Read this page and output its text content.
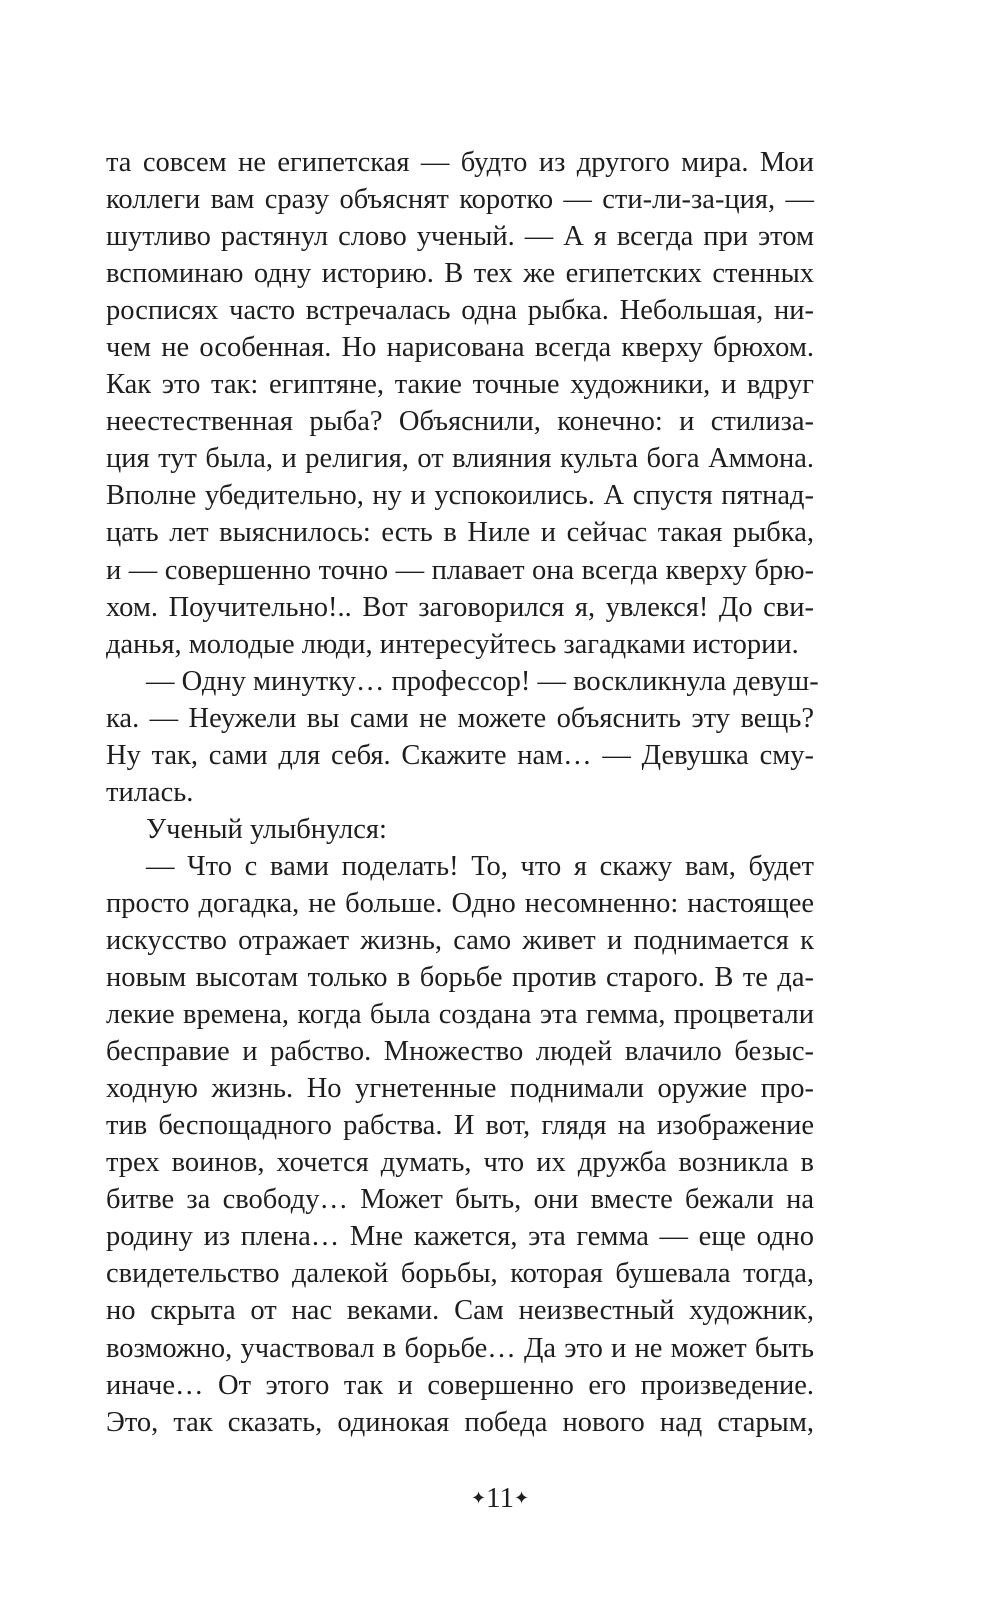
та совсем не египетская — будто из другого мира. Мои
коллеги вам сразу объяснят коротко — сти-ли-за-ция, —
шутливо растянул слово ученый. — А я всегда при этом
вспоминаю одну историю. В тех же египетских стенных
росписях часто встречалась одна рыбка. Небольшая, ни-
чем не особенная. Но нарисована всегда кверху брюхом.
Как это так: египтяне, такие точные художники, и вдруг
неестественная рыба? Объяснили, конечно: и стилиза-
ция тут была, и религия, от влияния культа бога Аммона.
Вполне убедительно, ну и успокоились. А спустя пятнад-
цать лет выяснилось: есть в Ниле и сейчас такая рыбка,
и — совершенно точно — плавает она всегда кверху брю-
хом. Поучительно!.. Вот заговорился я, увлекся! До сви-
данья, молодые люди, интересуйтесь загадками истории.
— Одну минутку… профессор! — воскликнула девуш-
ка. — Неужели вы сами не можете объяснить эту вещь?
Ну так, сами для себя. Скажите нам… — Девушка сму-
тилась.
Ученый улыбнулся:
— Что с вами поделать! То, что я скажу вам, будет
просто догадка, не больше. Одно несомненно: настоящее
искусство отражает жизнь, само живет и поднимается к
новым высотам только в борьбе против старого. В те да-
лекие времена, когда была создана эта гемма, процветали
бесправие и рабство. Множество людей влачило безыс-
ходную жизнь. Но угнетенные поднимали оружие про-
тив беспощадного рабства. И вот, глядя на изображение
трех воинов, хочется думать, что их дружба возникла в
битве за свободу… Может быть, они вместе бежали на
родину из плена… Мне кажется, эта гемма — еще одно
свидетельство далекой борьбы, которая бушевала тогда,
но скрыта от нас веками. Сам неизвестный художник,
возможно, участвовал в борьбе… Да это и не может быть
иначе… От этого так и совершенно его произведение.
Это, так сказать, одинокая победа нового над старым,
✦11✦
